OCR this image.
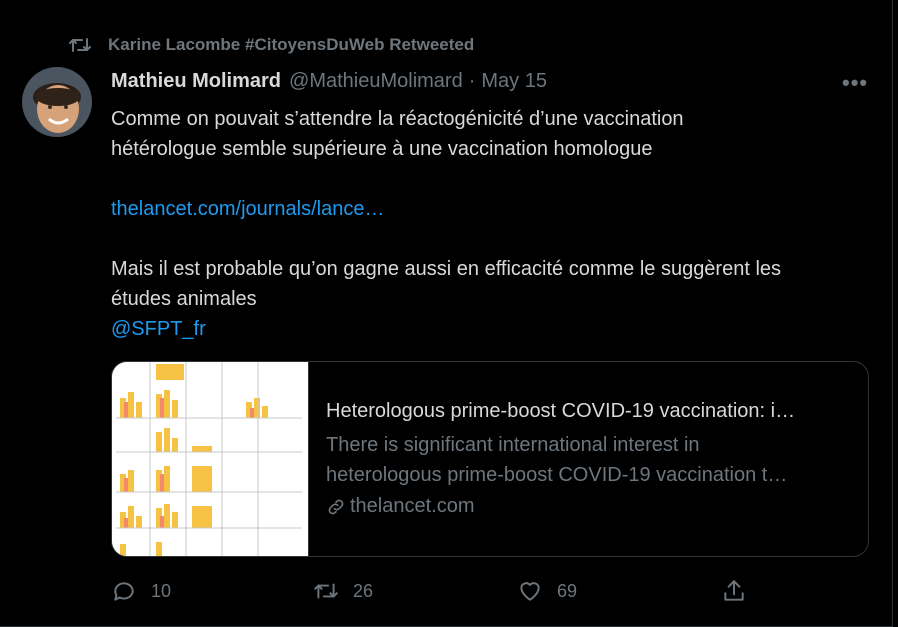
Karine Lacombe #CitoyensDuWeb Retweeted
Mathieu Molimard @MathieuMolimard · May 15	•••
Comme on pouvait s’attendre la réactogénicité d’une vaccination
hétérologue semble supérieure à une vaccination homologue
thelancet.com/journals/lance…
Mais il est probable qu’on gagne aussi en efficacité comme le suggèrent les
études animales
@SFPT_fr
Heterologous prime-boost COVID-19 vaccination: i…
There is significant international interest in
heterologous prime-boost COVID-19 vaccination t…
thelancet.com
10	26	69
